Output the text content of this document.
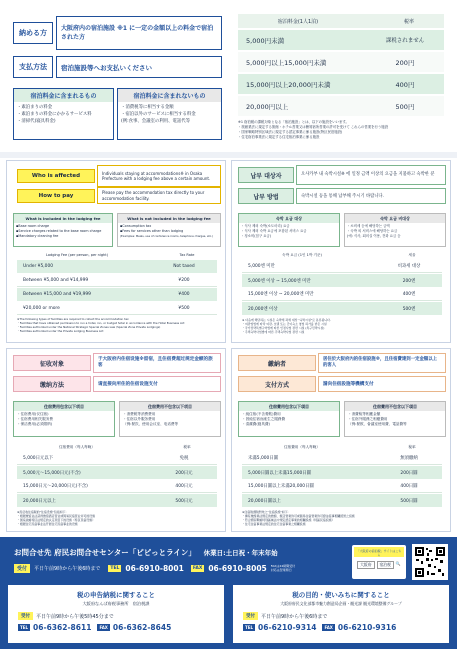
納める方
大阪府内の宿泊施設 ※1 に一定の金額以上の料金で宿泊された方
支払方法	宿泊施設等へお支払いください
宿泊料金に含まれるもの
・素泊まりの料金
・素泊まりの料金にかかるサービス料
・清掃代(寝具料金)
宿泊料金に含まれないもの
・消費税等に相当する金額
・宿泊以外のサービスに相当する料金
(例:食事、会議室の利用、電話代等
宿泊料金(1人1泊)	税率
5,000円未満	課税されません
5,000円以上15,000円未満	200円
15,000円以上20,000円未満	400円
20,000円以上	500円
※1 宿泊税の課税対象となる「宿泊施設」とは、以下の施設をいいます。
・旅館業法に規定する旅館・ホテル営業又は簡易宿所営業の許可を受けて これらの営業を行う施設
・国家戦略特別区域法に規定する認定事業に係る施設(特区民泊施設)
・住宅宿泊事業法に規定する住宅宿泊事業に係る施設
Who is affected	Individuals staying at accommodations※ in Osaka Prefecture with a lodging fee above a certain amount.
How to pay
Please pay the accommodation tax directly to your accommodation facility.
What is included in the lodging fee
▪Base room charge
▪Service charges related to the base room charge
▪Mandatory cleaning fee
What is not included in the lodging fee
▪Consumption tax
▪Fees for services other than lodging
(Examples: Meals, use of conference rooms, telephone charges, etc.)
Lodging Fee (per person, per night)	Tax Rate
Under ¥5,000	Not taxed
Between ¥5,000 and ¥14,999	¥200
Between ¥15,000 and ¥19,999	¥400
¥20,000 or more	¥500
※The following types of facilities are required to collect the accommodation tax
・Facilities that have obtained permission to run a hotel, inn, or budget hotel in accordance with the Hotel Business Act
・Facilities authorized under the National Strategic Special Zones Law (Special Zone Private Lodgings)
・Facilities authorized under the Private Lodging Business Act
납부 대상자	오사카부 내 숙박시설※ 에 일정 금액 이상의 요금을 지불하고 숙박한 분
납부 방법	숙박시설 등을 통해 납부해 주시기 바랍니다.
숙박 요금 대상
・식사 제외 숙박(소도마리) 요금
・식사 제외 숙박 요금에 포함된 서비스 요금
・청소비(침구 요금)
숙박 요금 비대상
・소비세 등에 해당하는 금액
・숙박 외 서비스에 해당하는 요금
(예: 식사, 회의실 이용, 전화 요금 등
숙박 요금 (1인 1박 기준)	세율
5,000엔 미만	비과세 대상
5,000엔 이상 ~ 15,000엔 미만	200엔
15,000엔 이상 ~ 20,000엔 미만	400엔
20,000엔 이상	500엔
※ 다음에 해당하는 시설은 숙박세 과세 대상 "숙박시설"로 분류됩니다.
・여관업법에 따라 여관, 호텔 또는 간이숙소 영업 허가를 받은 시설
・국가전략특별구역법에 따른 인정사업 관련 시설 (특구민박시설)
・주택숙박사업법에 따른 주택숙박사업 관련 시설
征收对象
于大阪府内住宿设施※留宿，且住宿费超过规定金额的旅客
缴纳方法	请直接向所住的住宿设施支付
住宿费用包含以下项目
・住宿费用(仅住宿)
・住宿费用相关服务费
・保洁费用(必须缴纳)
住宿费用不包含以下项目
・消费税等消费费用
・住宿以外服务费用
（例:餐饮、使用会议室、电话费等
住宿费用（每人每晚）	税率
5,000日元以下	免税
5,000元～15,000日元(不含)	200日元
15,000日元～20,000日元(不含)	400日元
20,000日元以上	500日元
※需征收住宿税的"住宿设施"包括如下:
・根据旅馆业法获得旅馆酒店营业或简易民宿营业许可的设施
・国家战略特区法规定的认定项目下的设施（特区民宿设施）
・根据住宅民宿事业法开展住宅民宿事业的设施
繳納者
居住於大阪府內的住宿設施※，且住宿費達到一定金額以上的客人
支付方式	請向住宿設施等機構支付
住宿費用包含以下項目
・純住宿(不含餐飲)費用
・因純住宿而產生之服務費
・清潔費(寢具費)
住宿費用不包含以下項目
・消費稅等相應金額
・住宿外服務之相應費用
（例:餐飲、會議室使用費、電話費等
住宿費用（每人每晚）	稅率
未滿5,000日圓	無須繳納
5,000日圓以上未滿15,000日圓	200日圓
15,000日圓以上未滿20,000日圓	400日圓
20,000日圓以上	500日圓
※住宿稅課稅對象之"住宿設施"如下:
・擁有旅館業法規定的旅館、飯店營業許可或簡易住宿營業許可證並從事相關經營之設施
・符合國家戰略特別區域法中規定認定事業的相關設施（特區民宿設施）
・住宅住宿事業法規定的住宅住宿事業之相關設施
お問合せ先 府民お問合せセンター「ピピっとライン」 休業日:土日祝・年末年始
受付	平日午前9時から午後6時まで	TEL 06-6910-8001	FAX 06-6910-8005 FAXは24時間受付 対応は翌業務日
「大阪府の宿泊税」サイトはこちら
大阪府	宿泊税	🔍
税の申告納税に関すること
大阪府なんば府税事務所　宿泊税課
受付	平日午前9時から午後5時45分まで
TEL 06-6362-8611	FAX 06-6362-8645
税の目的・使いみちに関すること
大阪府府民文化部都市魅力創造局企画・観光課 観光環境整備グループ
受付	平日午前9時から午後6時まで
TEL 06-6210-9314	FAX 06-6210-9316
